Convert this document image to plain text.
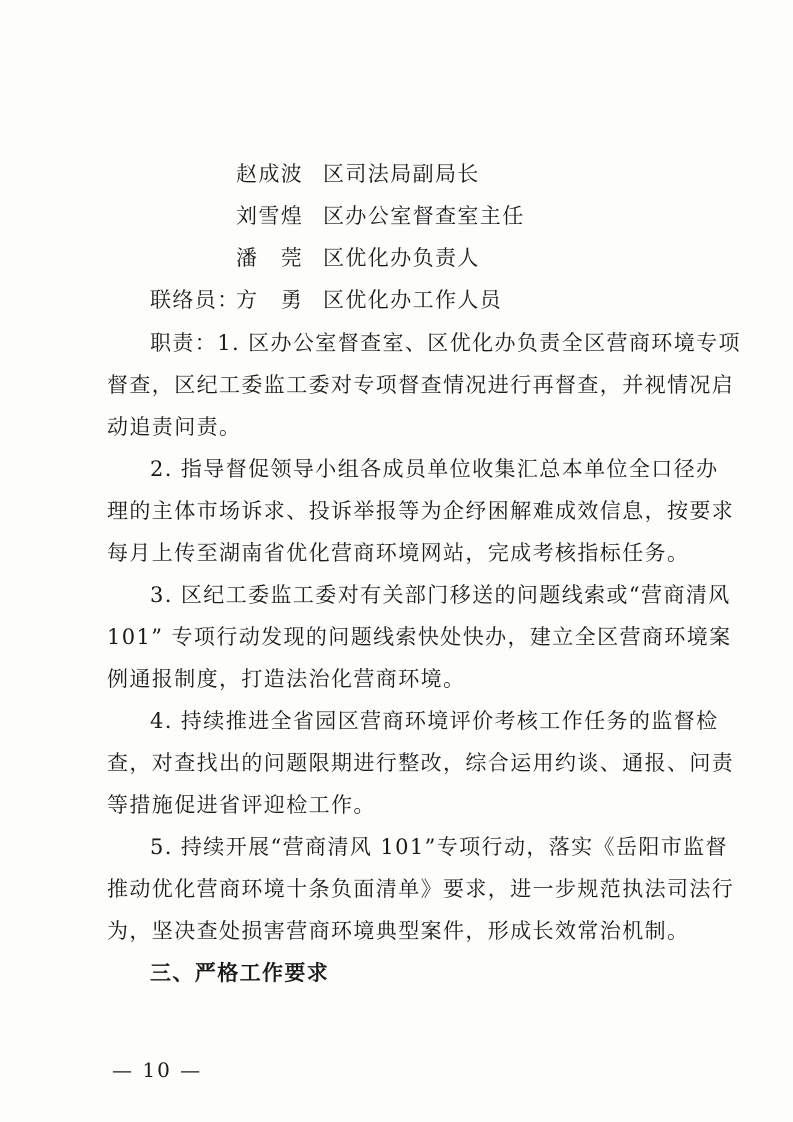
赵成波 区司法局副局长
刘雪煌 区办公室督查室主任
潘　莞 区优化办负责人
联络员：
方　勇 区优化办工作人员
职责：1. 区办公室督查室、区优化办负责全区营商环境专项
督查，区纪工委监工委对专项督查情况进行再督查，并视情况启
动追责问责。
2. 指导督促领导小组各成员单位收集汇总本单位全口径办
理的主体市场诉求、投诉举报等为企纾困解难成效信息，按要求
每月上传至湖南省优化营商环境网站，完成考核指标任务。
3. 区纪工委监工委对有关部门移送的问题线索或“营商清风
101” 专项行动发现的问题线索快处快办，建立全区营商环境案
例通报制度，打造法治化营商环境。
4. 持续推进全省园区营商环境评价考核工作任务的监督检
查，对查找出的问题限期进行整改，综合运用约谈、通报、问责
等措施促进省评迎检工作。
5. 持续开展“营商清风 101”专项行动，落实《岳阳市监督
推动优化营商环境十条负面清单》要求，进一步规范执法司法行
为，坚决查处损害营商环境典型案件，形成长效常治机制。
三、严格工作要求
— 10 —
